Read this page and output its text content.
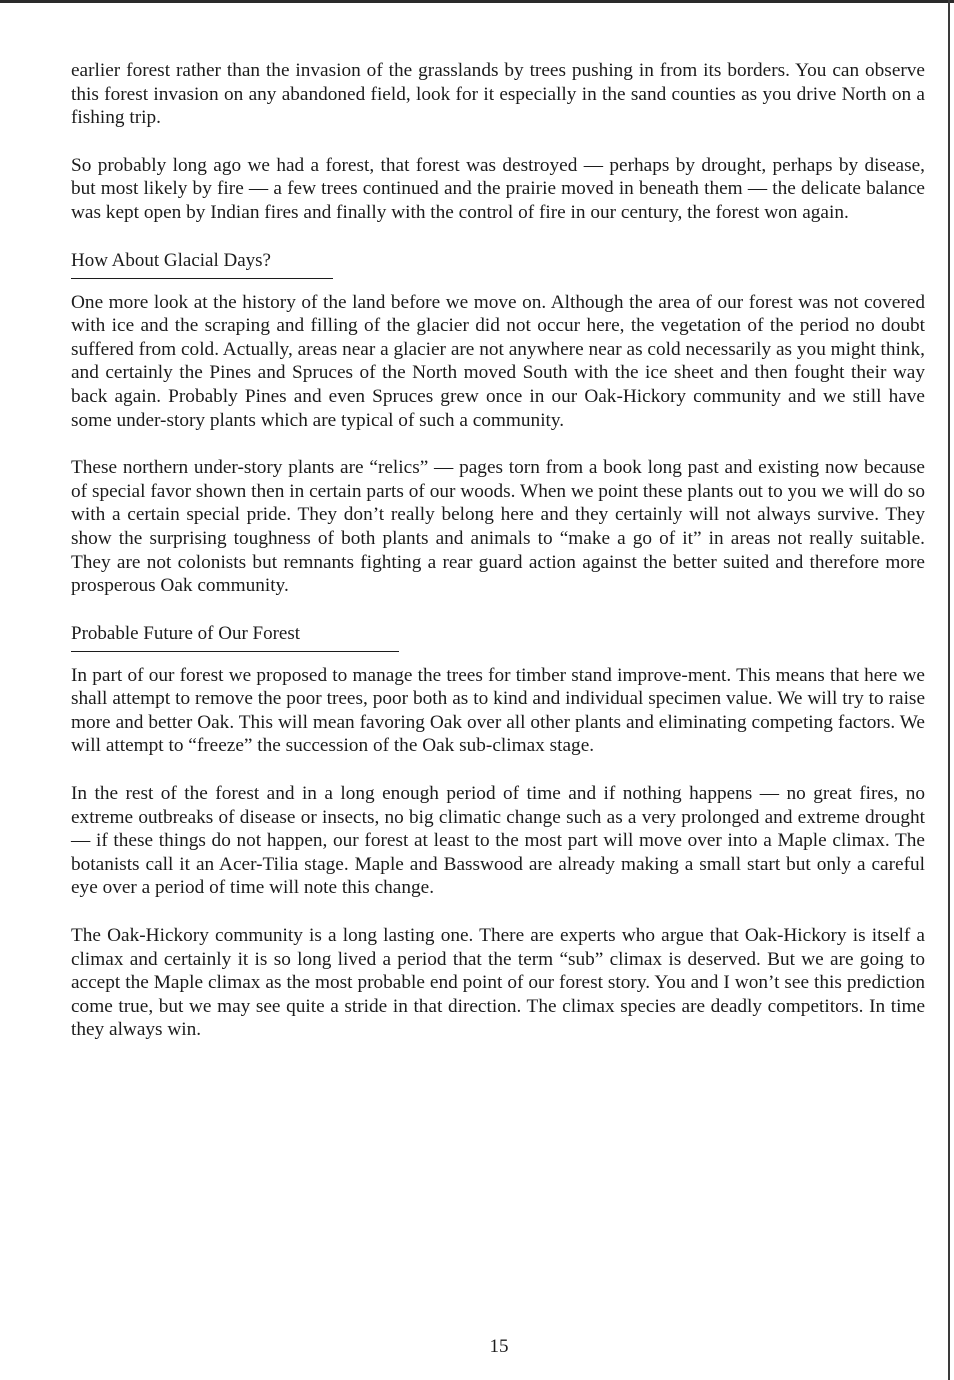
earlier forest rather than the invasion of the grasslands by trees pushing in from its borders. You can observe this forest invasion on any abandoned field, look for it especially in the sand counties as you drive North on a fishing trip.

So probably long ago we had a forest, that forest was destroyed — perhaps by drought, perhaps by disease, but most likely by fire — a few trees continued and the prairie moved in beneath them — the delicate balance was kept open by Indian fires and finally with the control of fire in our century, the forest won again.

How About Glacial Days?

One more look at the history of the land before we move on. Although the area of our forest was not covered with ice and the scraping and filling of the glacier did not occur here, the vegetation of the period no doubt suffered from cold. Actually, areas near a glacier are not anywhere near as cold necessarily as you might think, and certainly the Pines and Spruces of the North moved South with the ice sheet and then fought their way back again. Probably Pines and even Spruces grew once in our Oak-Hickory community and we still have some under-story plants which are typical of such a community.

These northern under-story plants are “relics” — pages torn from a book long past and existing now because of special favor shown then in certain parts of our woods. When we point these plants out to you we will do so with a certain special pride. They don’t really belong here and they certainly will not always survive. They show the surprising toughness of both plants and animals to “make a go of it” in areas not really suitable. They are not colonists but remnants fighting a rear guard action against the better suited and therefore more prosperous Oak community.

Probable Future of Our Forest

In part of our forest we proposed to manage the trees for timber stand improve-ment. This means that here we shall attempt to remove the poor trees, poor both as to kind and individual specimen value. We will try to raise more and better Oak. This will mean favoring Oak over all other plants and eliminating competing factors. We will attempt to “freeze” the succession of the Oak sub-climax stage.

In the rest of the forest and in a long enough period of time and if nothing happens — no great fires, no extreme outbreaks of disease or insects, no big climatic change such as a very prolonged and extreme drought — if these things do not happen, our forest at least to the most part will move over into a Maple climax. The botanists call it an Acer-Tilia stage. Maple and Basswood are already making a small start but only a careful eye over a period of time will note this change.

The Oak-Hickory community is a long lasting one. There are experts who argue that Oak-Hickory is itself a climax and certainly it is so long lived a period that the term “sub” climax is deserved. But we are going to accept the Maple climax as the most probable end point of our forest story. You and I won’t see this prediction come true, but we may see quite a stride in that direction. The climax species are deadly competitors. In time they always win.

15
